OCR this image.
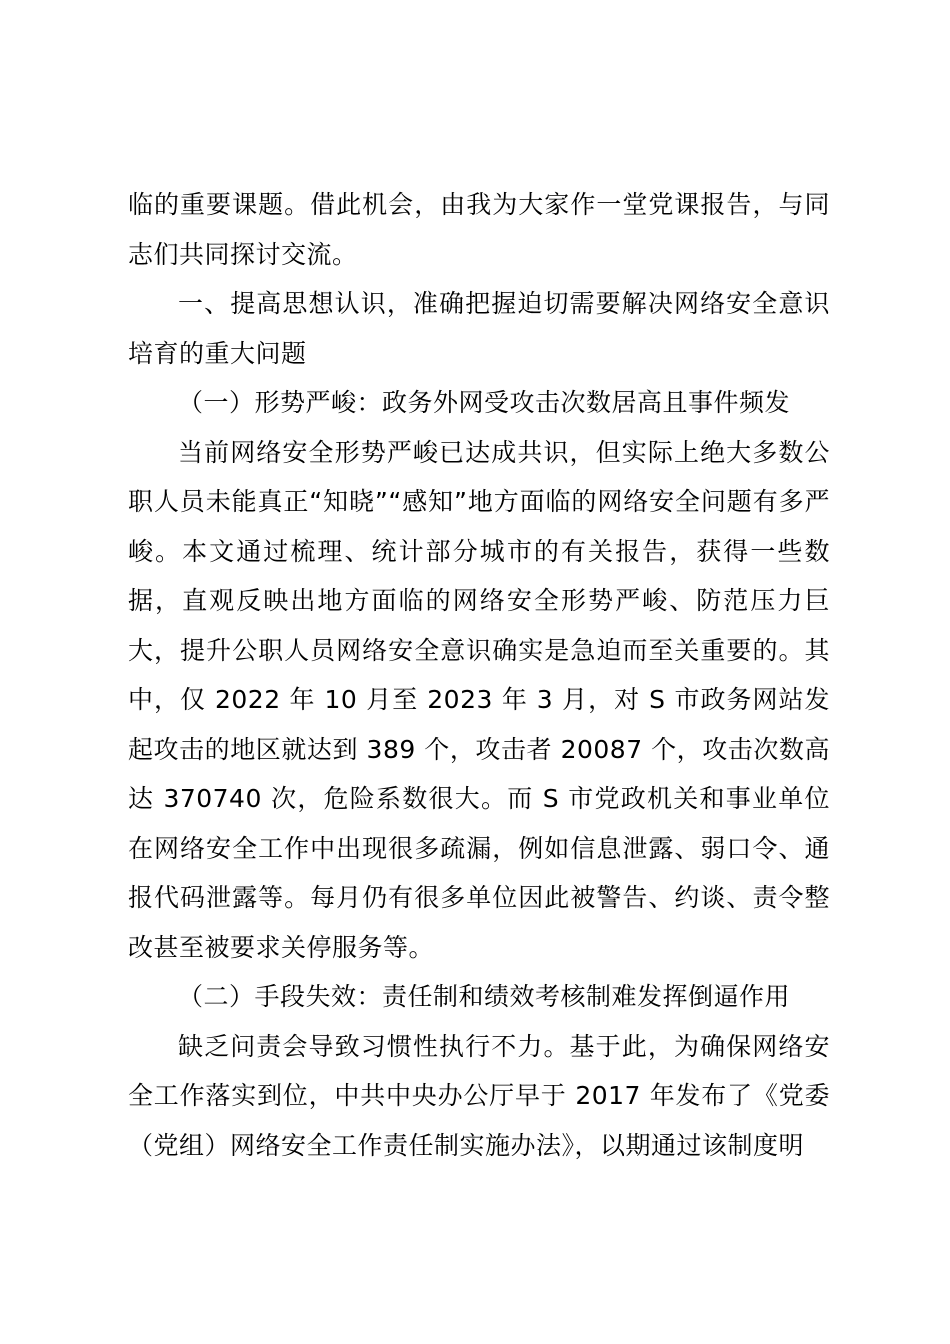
临的重要课题。借此机会，由我为大家作一堂党课报告，与同志们共同探讨交流。

一、提高思想认识，准确把握迫切需要解决网络安全意识培育的重大问题

（一）形势严峻：政务外网受攻击次数居高且事件频发

当前网络安全形势严峻已达成共识，但实际上绝大多数公职人员未能真正“知晓”“感知”地方面临的网络安全问题有多严峻。本文通过梳理、统计部分城市的有关报告，获得一些数据，直观反映出地方面临的网络安全形势严峻、防范压力巨大，提升公职人员网络安全意识确实是急迫而至关重要的。其中，仅 2022 年 10 月至 2023 年 3 月，对 S 市政务网站发起攻击的地区就达到 389 个，攻击者 20087 个，攻击次数高达 370740 次，危险系数很大。而 S 市党政机关和事业单位在网络安全工作中出现很多疏漏，例如信息泄露、弱口令、通报代码泄露等。每月仍有很多单位因此被警告、约谈、责令整改甚至被要求关停服务等。

（二）手段失效：责任制和绩效考核制难发挥倒逼作用

缺乏问责会导致习惯性执行不力。基于此，为确保网络安全工作落实到位，中共中央办公厅早于 2017 年发布了《党委（党组）网络安全工作责任制实施办法》，以期通过该制度明
